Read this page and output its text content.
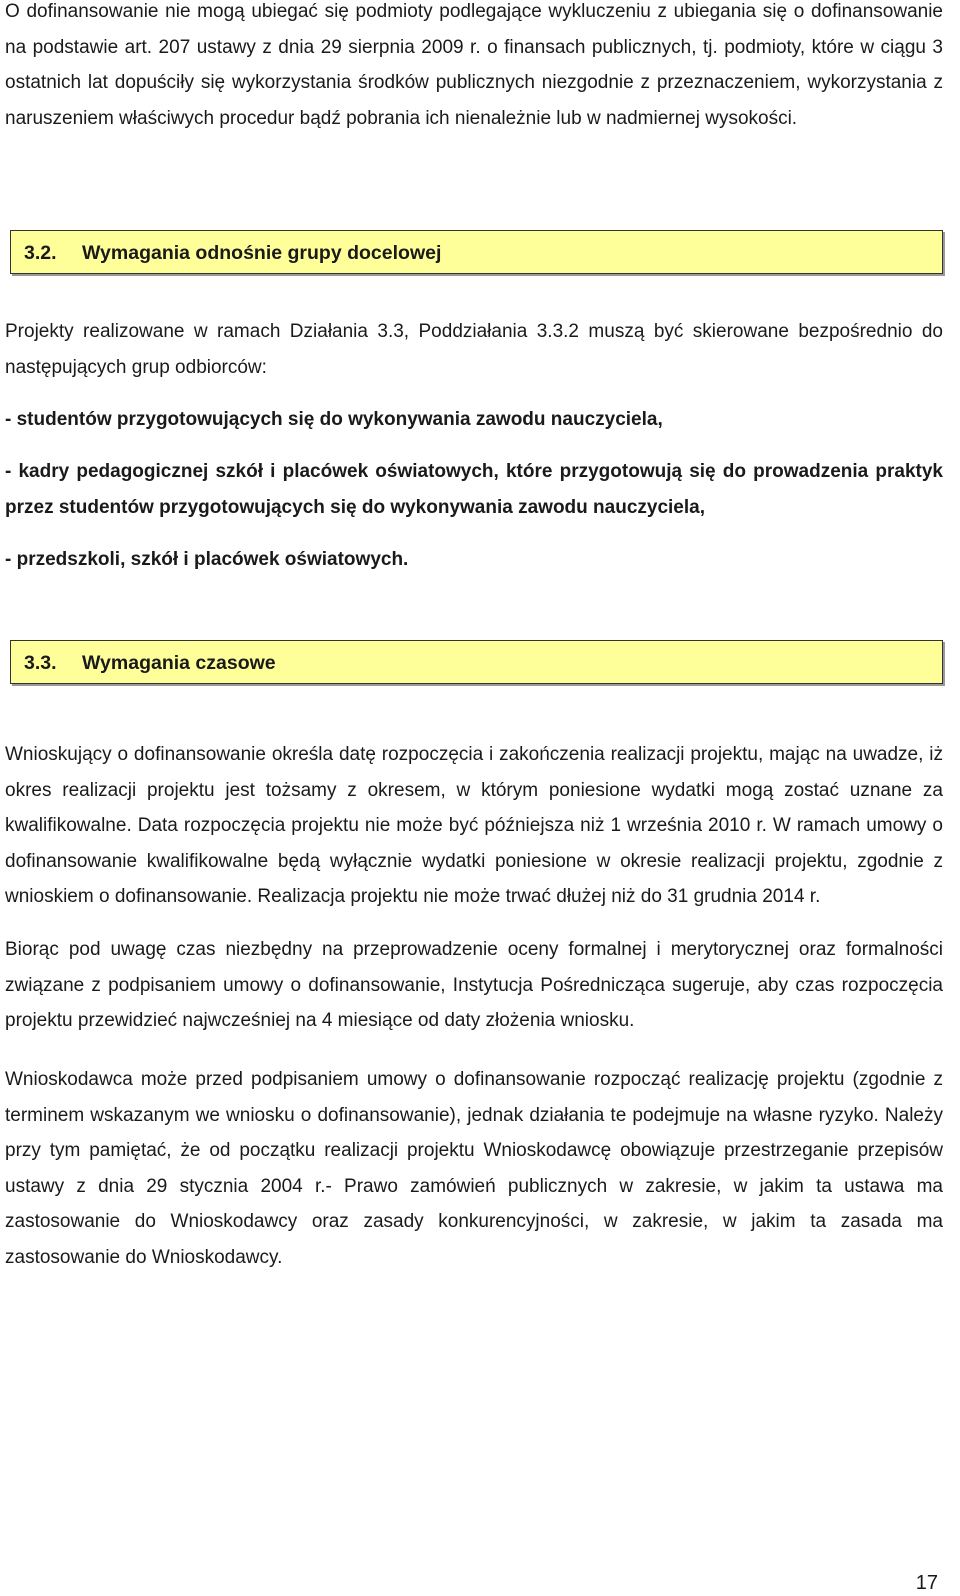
O dofinansowanie nie mogą ubiegać się podmioty podlegające wykluczeniu z ubiegania się o dofinansowanie na podstawie art. 207 ustawy z dnia 29 sierpnia 2009 r. o finansach publicznych, tj. podmioty, które w ciągu 3 ostatnich lat dopuściły się wykorzystania środków publicznych niezgodnie z przeznaczeniem, wykorzystania z naruszeniem właściwych procedur bądź pobrania ich nienależnie lub w nadmiernej wysokości.

3.2. Wymagania odnośnie grupy docelowej

Projekty realizowane w ramach Działania 3.3, Poddziałania 3.3.2 muszą być skierowane bezpośrednio do następujących grup odbiorców:

- studentów przygotowujących się do wykonywania zawodu nauczyciela,

- kadry pedagogicznej szkół i placówek oświatowych, które przygotowują się do prowadzenia praktyk przez studentów przygotowujących się do wykonywania zawodu nauczyciela,

- przedszkoli, szkół i placówek oświatowych.

3.3. Wymagania czasowe

Wnioskujący o dofinansowanie określa datę rozpoczęcia i zakończenia realizacji projektu, mając na uwadze, iż okres realizacji projektu jest tożsamy z okresem, w którym poniesione wydatki mogą zostać uznane za kwalifikowalne. Data rozpoczęcia projektu nie może być późniejsza niż 1 września 2010 r. W ramach umowy o dofinansowanie kwalifikowalne będą wyłącznie wydatki poniesione w okresie realizacji projektu, zgodnie z wnioskiem o dofinansowanie. Realizacja projektu nie może trwać dłużej niż do 31 grudnia 2014 r.

Biorąc pod uwagę czas niezbędny na przeprowadzenie oceny formalnej i merytorycznej oraz formalności związane z podpisaniem umowy o dofinansowanie, Instytucja Pośrednicząca sugeruje, aby czas rozpoczęcia projektu przewidzieć najwcześniej na 4 miesiące od daty złożenia wniosku.

Wnioskodawca może przed podpisaniem umowy o dofinansowanie rozpocząć realizację projektu (zgodnie z terminem wskazanym we wniosku o dofinansowanie), jednak działania te podejmuje na własne ryzyko. Należy przy tym pamiętać, że od początku realizacji projektu Wnioskodawcę obowiązuje przestrzeganie przepisów ustawy z dnia 29 stycznia 2004 r.- Prawo zamówień publicznych w zakresie, w jakim ta ustawa ma zastosowanie do Wnioskodawcy oraz zasady konkurencyjności, w zakresie, w jakim ta zasada ma zastosowanie do Wnioskodawcy.

17
